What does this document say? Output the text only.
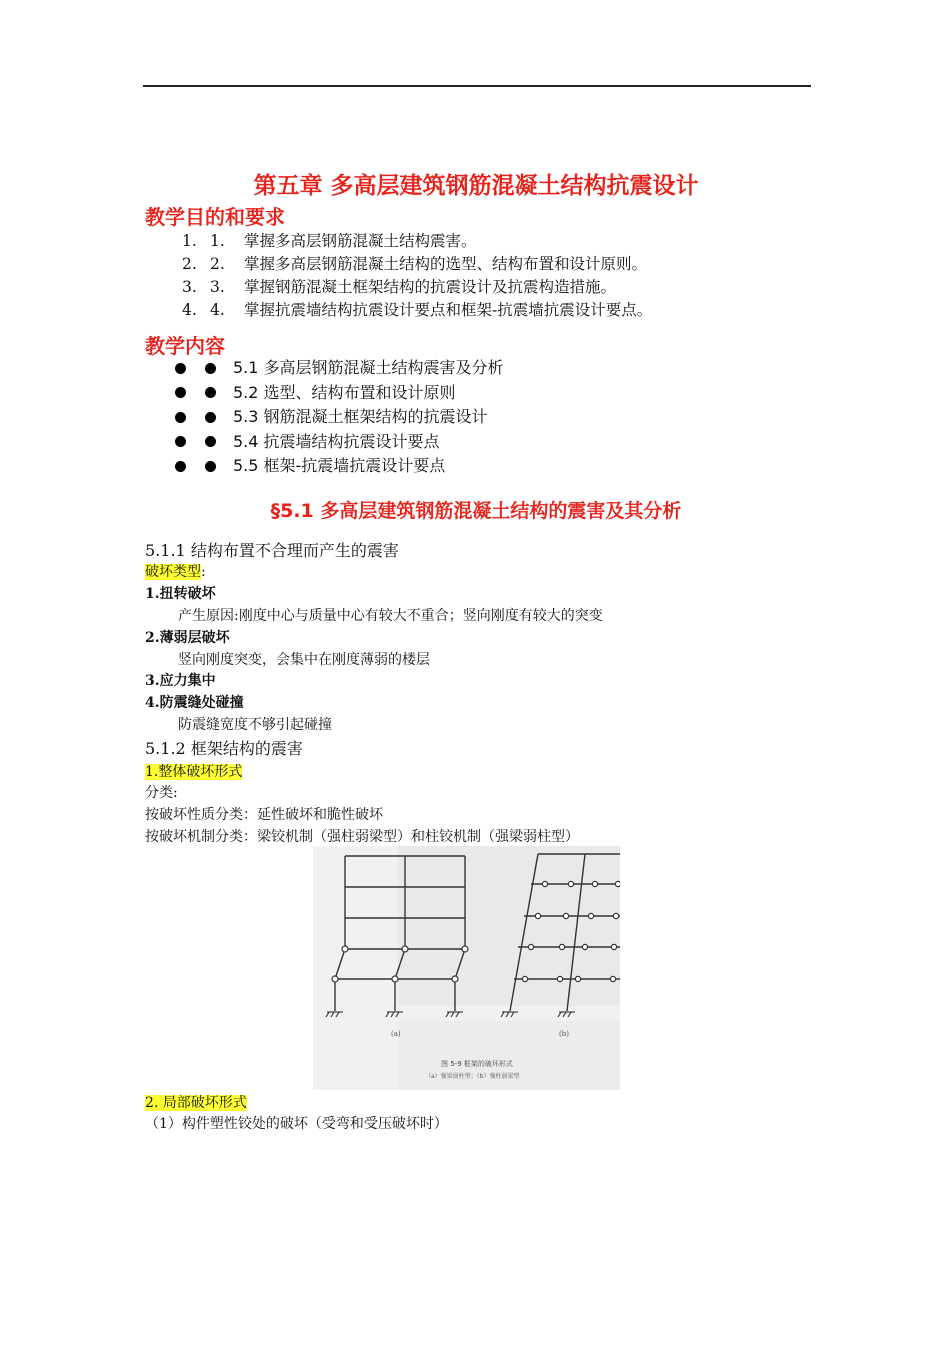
第五章 多高层建筑钢筋混凝土结构抗震设计
教学目的和要求
1. 1.	掌握多高层钢筋混凝土结构震害。
2. 2.	掌握多高层钢筋混凝土结构的选型、结构布置和设计原则。
3. 3.	掌握钢筋混凝土框架结构的抗震设计及抗震构造措施。
4. 4.	掌握抗震墙结构抗震设计要点和框架-抗震墙抗震设计要点。
教学内容
5.1 多高层钢筋混凝土结构震害及分析
5.2 选型、结构布置和设计原则
5.3 钢筋混凝土框架结构的抗震设计
5.4 抗震墙结构抗震设计要点
5.5 框架-抗震墙抗震设计要点
§5.1 多高层建筑钢筋混凝土结构的震害及其分析
5.1.1 结构布置不合理而产生的震害
破坏类型:
1.扭转破坏
产生原因:刚度中心与质量中心有较大不重合；竖向刚度有较大的突变
2.薄弱层破坏
竖向刚度突变，会集中在刚度薄弱的楼层
3.应力集中
4.防震缝处碰撞
防震缝宽度不够引起碰撞
5.1.2 框架结构的震害
1.整体破坏形式
分类:
按破坏性质分类：延性破坏和脆性破坏
按破坏机制分类：梁铰机制（强柱弱梁型）和柱铰机制（强梁弱柱型）
(a)	(b)
图 5-9 框架的破坏形式
（a）强梁弱柱型；（b）强柱弱梁型
2. 局部破坏形式
（1）构件塑性铰处的破坏（受弯和受压破坏时）
